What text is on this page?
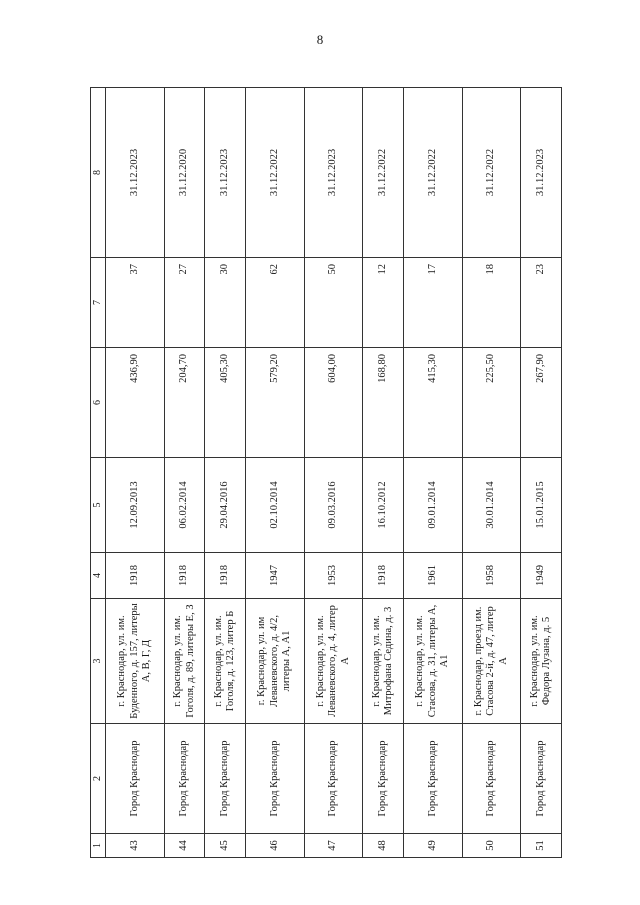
8
1	2	3	4	5	6	7	8
43	Город Краснодар	г. Краснодар, ул. им. Буденного, д. 157, литеры А, В, Г, Д	1918	12.09.2013	436,90	37	31.12.2023
44	Город Краснодар	г. Краснодар, ул. им. Гоголя, д. 89, литеры Е, З	1918	06.02.2014	204,70	27	31.12.2020
45	Город Краснодар	г. Краснодар, ул. им. Гоголя, д. 123, литер Б	1918	29.04.2016	405,30	30	31.12.2023
46	Город Краснодар	г. Краснодар, ул. им Леваневского, д. 4/2, литеры А, А1	1947	02.10.2014	579,20	62	31.12.2022
47	Город Краснодар	г. Краснодар, ул. им. Леваневского, д. 4, литер А	1953	09.03.2016	604,00	50	31.12.2023
48	Город Краснодар	г. Краснодар, ул. им. Митрофана Седина, д. 3	1918	16.10.2012	168,80	12	31.12.2022
49	Город Краснодар	г. Краснодар, ул. им. Стасова, д. 31, литеры А, А1	1961	09.01.2014	415,30	17	31.12.2022
50	Город Краснодар	г. Краснодар, проезд им. Стасова 2-й, д. 47, литер А	1958	30.01.2014	225,50	18	31.12.2022
51	Город Краснодар	г. Краснодар, ул. им. Федора Лузана, д. 5	1949	15.01.2015	267,90	23	31.12.2023
